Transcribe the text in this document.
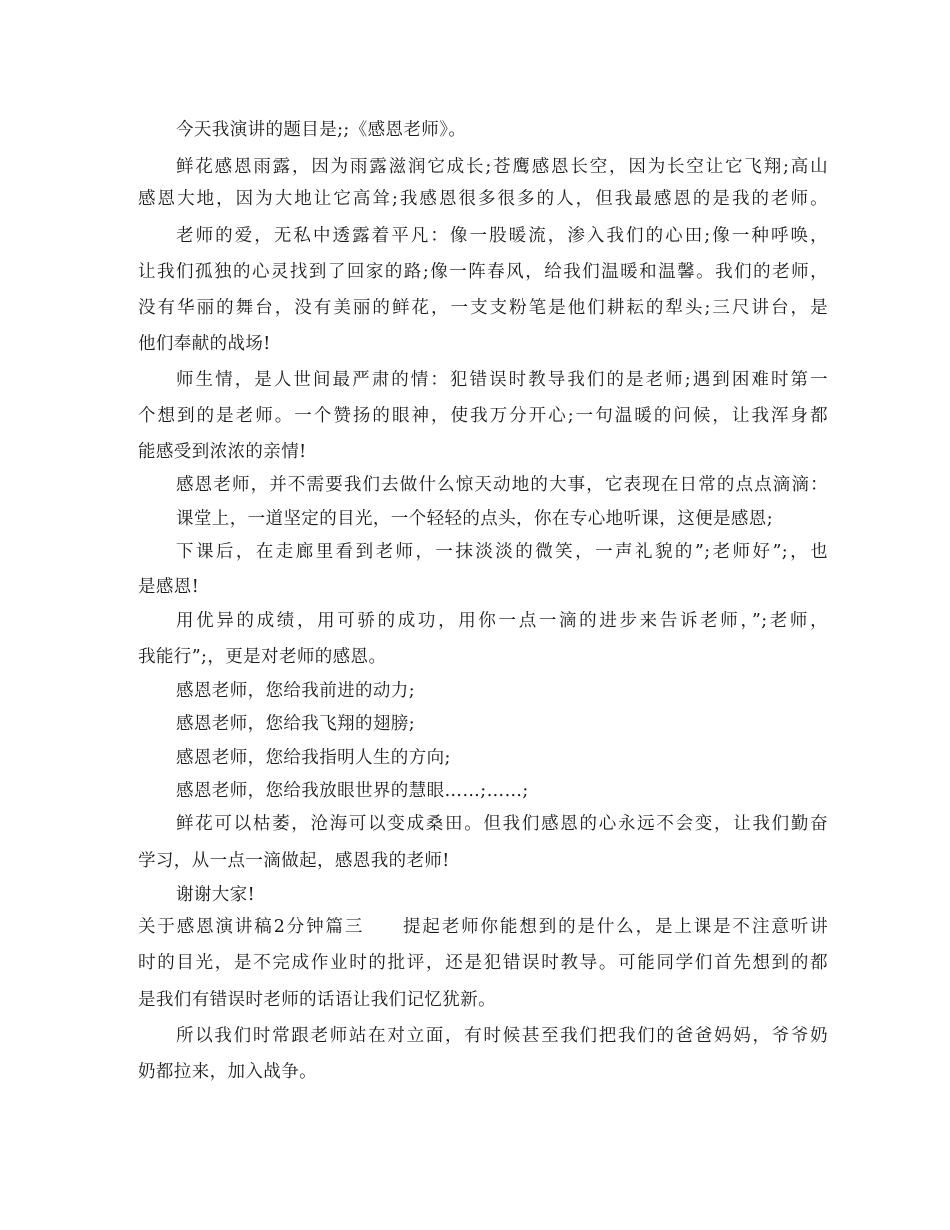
今天我演讲的题目是;;《感恩老师》。
鲜花感恩雨露，因为雨露滋润它成长;苍鹰感恩长空，因为长空让它飞翔;高山
感恩大地，因为大地让它高耸;我感恩很多很多的人，但我最感恩的是我的老师。
老师的爱，无私中透露着平凡：像一股暖流，渗入我们的心田;像一种呼唤，
让我们孤独的心灵找到了回家的路;像一阵春风，给我们温暖和温馨。我们的老师，
没有华丽的舞台，没有美丽的鲜花，一支支粉笔是他们耕耘的犁头;三尺讲台，是
他们奉献的战场!
师生情，是人世间最严肃的情：犯错误时教导我们的是老师;遇到困难时第一
个想到的是老师。一个赞扬的眼神，使我万分开心;一句温暖的问候，让我浑身都
能感受到浓浓的亲情!
感恩老师，并不需要我们去做什么惊天动地的大事，它表现在日常的点点滴滴：
课堂上，一道坚定的目光，一个轻轻的点头，你在专心地听课，这便是感恩;
下课后，在走廊里看到老师，一抹淡淡的微笑，一声礼貌的”;老师好”;，也
是感恩!
用优异的成绩，用可骄的成功，用你一点一滴的进步来告诉老师，”;老师，
我能行”;，更是对老师的感恩。
感恩老师，您给我前进的动力;
感恩老师，您给我飞翔的翅膀;
感恩老师，您给我指明人生的方向;
感恩老师，您给我放眼世界的慧眼……;……;
鲜花可以枯萎，沧海可以变成桑田。但我们感恩的心永远不会变，让我们勤奋
学习，从一点一滴做起，感恩我的老师!
谢谢大家!
关于感恩演讲稿2分钟篇三　　提起老师你能想到的是什么，是上课是不注意听讲
时的目光，是不完成作业时的批评，还是犯错误时教导。可能同学们首先想到的都
是我们有错误时老师的话语让我们记忆犹新。
所以我们时常跟老师站在对立面，有时候甚至我们把我们的爸爸妈妈，爷爷奶
奶都拉来，加入战争。
